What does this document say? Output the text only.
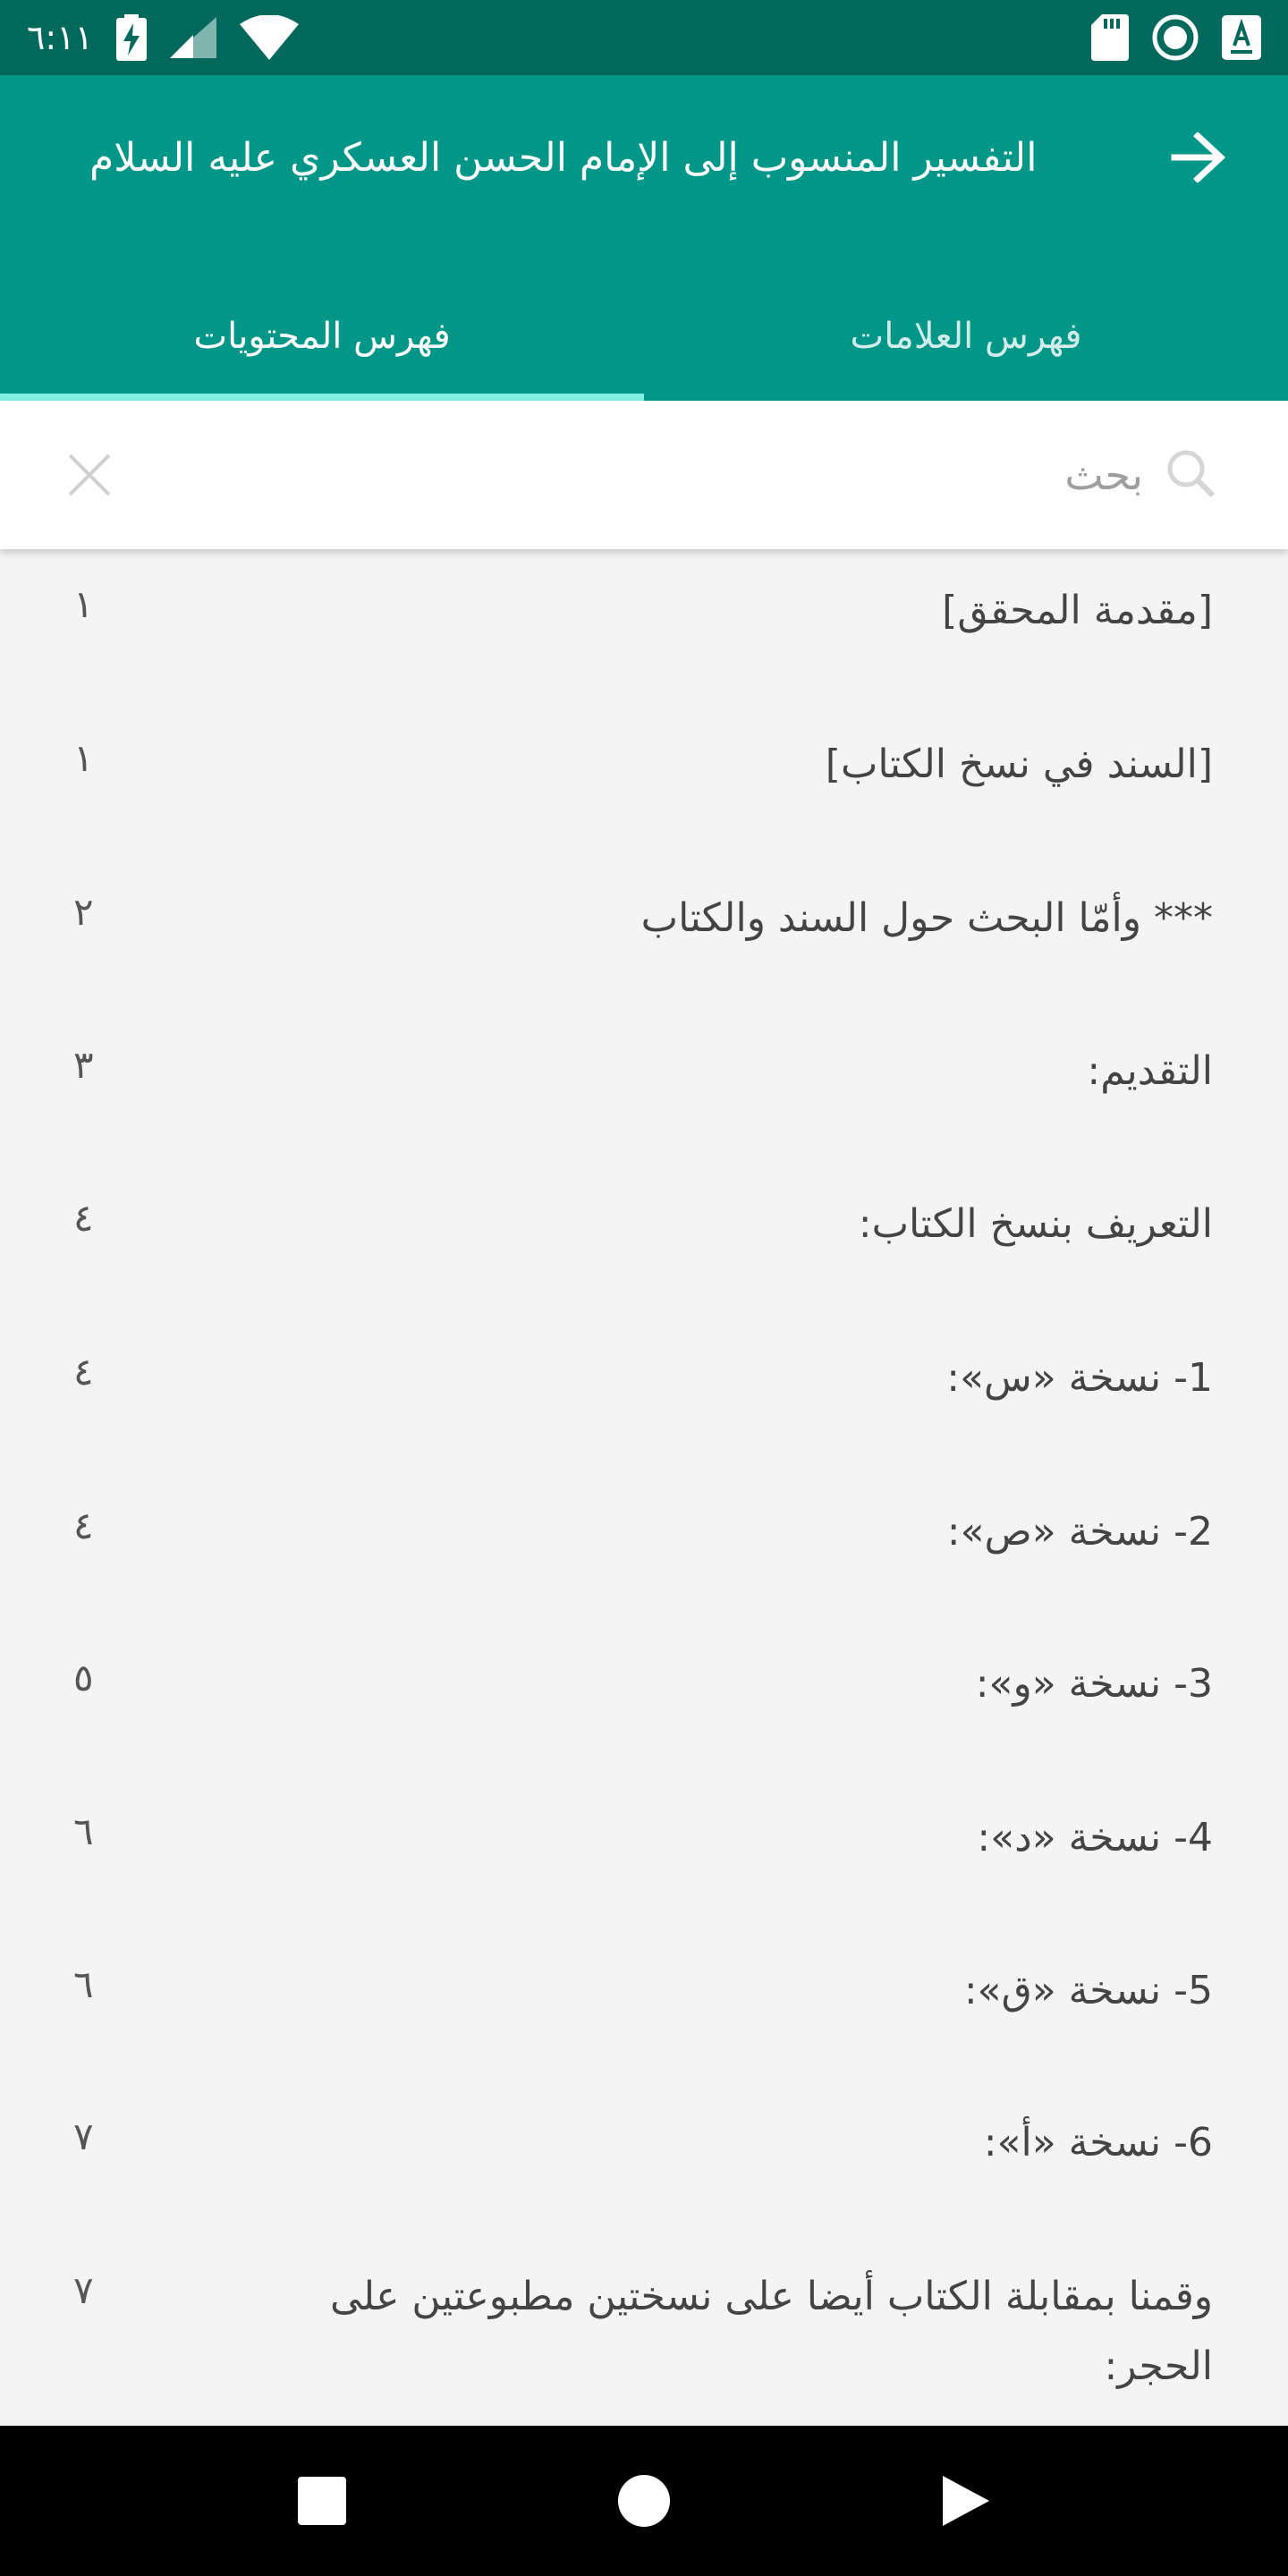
٦:١١
التفسير المنسوب إلى الإمام الحسن العسكري عليه السلام
فهرس المحتويات	فهرس العلامات
بحث
١	[مقدمة المحقق]
١	[السند في نسخ الكتاب]
٢	*** وأمّا البحث حول السند والكتاب
٣	التقديم:
٤	التعريف بنسخ الكتاب:
٤	1- نسخة «س»:
٤	2- نسخة «ص»:
٥	3- نسخة «و»:
٦	4- نسخة «د»:
٦	5- نسخة «ق»:
٧	6- نسخة «أ»:
٧	وقمنا بمقابلة الكتاب أيضا على نسختين مطبوعتين على الحجر:
